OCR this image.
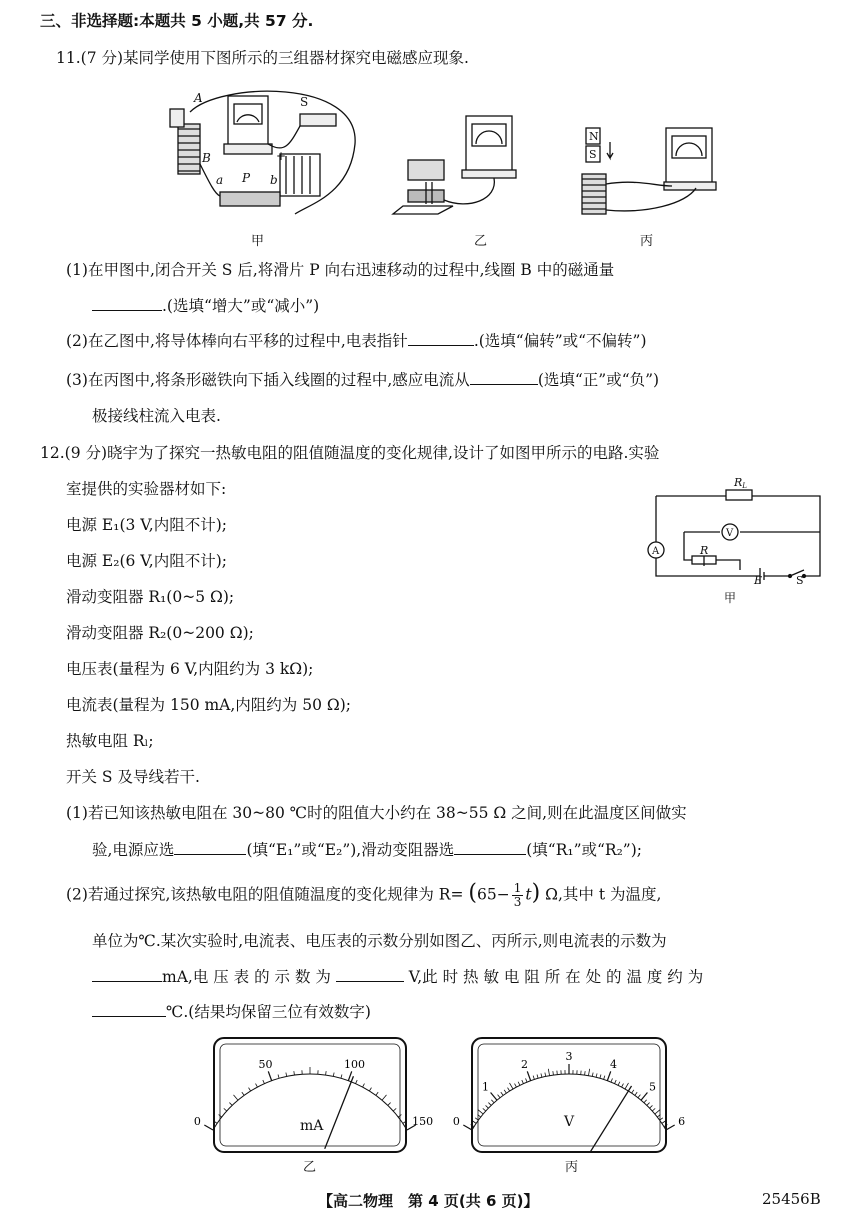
三、非选择题:本题共 5 小题,共 57 分.
11.(7 分)某同学使用下图所示的三组器材探究电磁感应现象.
A
B
S
P
a	b
+
甲	乙
N
S
丙
(1)在甲图中,闭合开关 S 后,将滑片 P 向右迅速移动的过程中,线圈 B 中的磁通量
.(选填“增大”或“减小”)
(2)在乙图中,将导体棒向右平移的过程中,电表指针	.(选填“偏转”或“不偏转”)
(3)在丙图中,将条形磁铁向下插入线圈的过程中,感应电流从	(选填“正”或“负”)
极接线柱流入电表.
12.(9 分)晓宇为了探究一热敏电阻的阻值随温度的变化规律,设计了如图甲所示的电路.实验
室提供的实验器材如下:
电源 E₁(3 V,内阻不计);
电源 E₂(6 V,内阻不计);
滑动变阻器 R₁(0~5 Ω);
滑动变阻器 R₂(0~200 Ω);
电压表(量程为 6 V,内阻约为 3 kΩ);
电流表(量程为 150 mA,内阻约为 50 Ω);
热敏电阻 Rₗ;
开关 S 及导线若干.
RL
V
A	R
E	S
甲
(1)若已知该热敏电阻在 30~80 ℃时的阻值大小约在 38~55 Ω 之间,则在此温度区间做实
验,电源应选	(填“E₁”或“E₂”),滑动变阻器选	(填“R₁”或“R₂”);
(2)若通过探究,该热敏电阻的阻值随温度的变化规律为 $R= (65- \frac{1}{3} t)$ Ω,其中 t 为温度,
单位为℃.某次实验时,电流表、电压表的示数分别如图乙、丙所示,则电流表的示数为
mA,电 压 表 的 示 数 为	V,此 时 热 敏 电 阻 所 在 处 的 温 度 约 为
℃.(结果均保留三位有效数字)
0
50	100
150
mA
乙
0
1
2
3
4
5
6
V
丙
【高二物理　第 4 页(共 6 页)】	25456B
